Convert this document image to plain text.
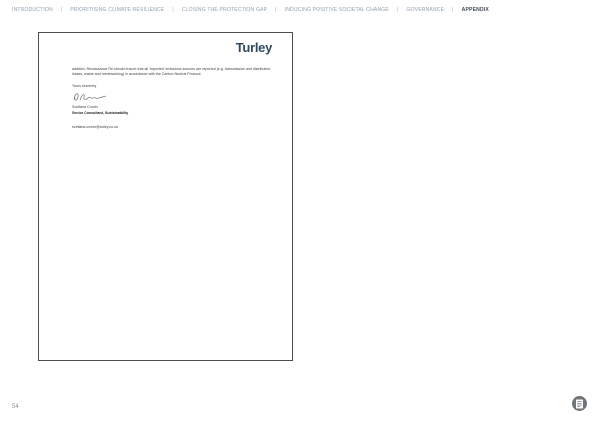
INTRODUCTION | PRIORITISING CLIMATE RESILIENCE | CLOSING THE PROTECTION GAP | INDUCING POSITIVE SOCIETAL CHANGE | GOVERNANCE | APPENDIX
Turley

addition, Renaissance Re should ensure that all 'imported' emissions sources are reported (e.g. transmission and distribution losses, waste and homeworking) in accordance with the Carbon Neutral Protocol.

Yours sincerely
Svetlana Cronin
Senior Consultant, Sustainability
svetlana.cronin@turley.co.uk
54
